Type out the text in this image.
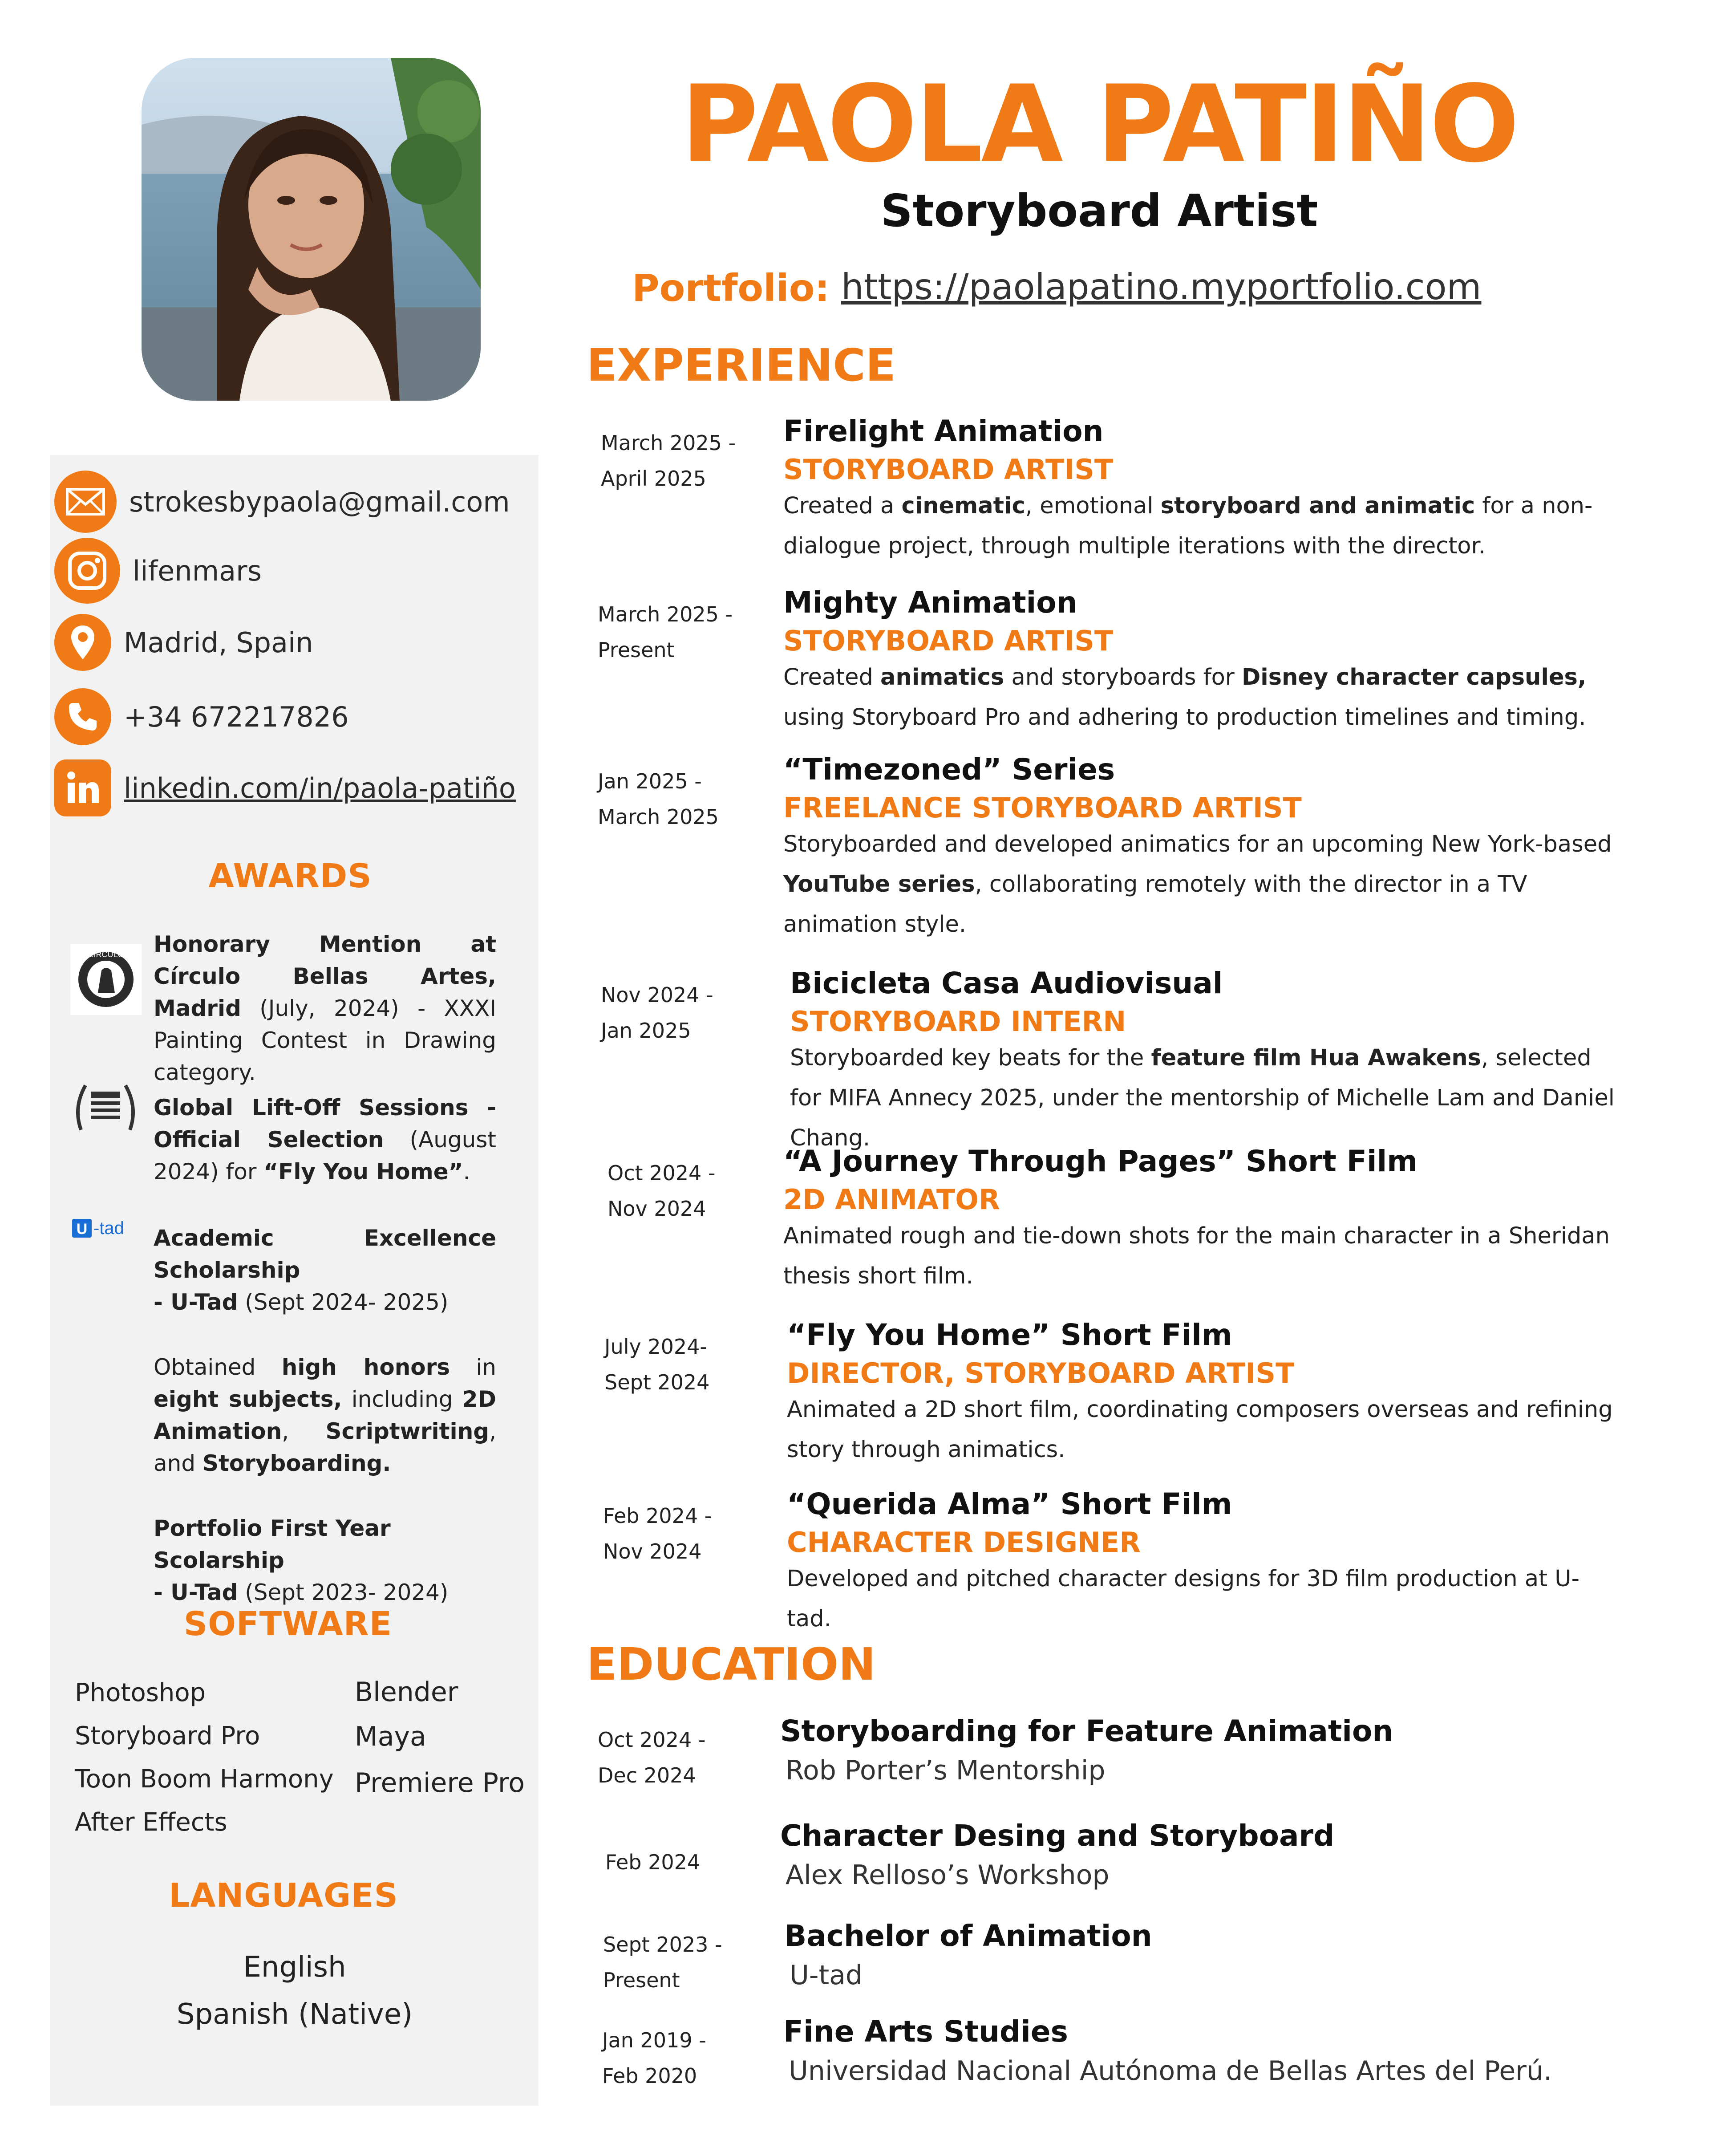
strokesbypaola@gmail.com
lifenmars
Madrid, Spain
+34 672217826
linkedin.com/in/paola-patiño
AWARDS
CÍRCULO
U -tad
Honorary Mention at Círculo Bellas Artes, Madrid (July, 2024) - XXXI Painting Contest in Drawing category.
Global Lift-Off Sessions - Official Selection (August 2024) for “Fly You Home”.
Academic Excellence Scholarship
- U-Tad (Sept 2024- 2025)
Obtained high honors in eight subjects, including 2D Animation, Scriptwriting, and Storyboarding.
Portfolio First Year Scolarship
- U-Tad (Sept 2023- 2024)
SOFTWARE
Photoshop
Storyboard Pro
Toon Boom Harmony
After Effects
Blender
Maya
Premiere Pro
LANGUAGES
English
Spanish (Native)
PAOLA PATIÑO
Storyboard Artist
Portfolio: https://paolapatino.myportfolio.com
EXPERIENCE
March 2025 -
April 2025
Firelight Animation
STORYBOARD ARTIST
Created a cinematic, emotional storyboard and animatic for a non-dialogue project, through multiple iterations with the director.
March 2025 -
Present
Mighty Animation
STORYBOARD ARTIST
Created animatics and storyboards for Disney character capsules, using Storyboard Pro and adhering to production timelines and timing.
Jan 2025 -
March 2025
“Timezoned” Series
FREELANCE STORYBOARD ARTIST
Storyboarded and developed animatics for an upcoming New York-based YouTube series, collaborating remotely with the director in a TV animation style.
Nov 2024 -
Jan 2025
Bicicleta Casa Audiovisual
STORYBOARD INTERN
Storyboarded key beats for the feature film Hua Awakens, selected for MIFA Annecy 2025, under the mentorship of Michelle Lam and Daniel Chang.
Oct 2024 -
Nov 2024
“A Journey Through Pages” Short Film
2D ANIMATOR
Animated rough and tie-down shots for the main character in a Sheridan thesis short film.
July 2024-
Sept 2024
“Fly You Home” Short Film
DIRECTOR, STORYBOARD ARTIST
Animated a 2D short film, coordinating composers overseas and refining story through animatics.
Feb 2024 -
Nov 2024
“Querida Alma” Short Film
CHARACTER DESIGNER
Developed and pitched character designs for 3D film production at U-tad.
EDUCATION
Oct 2024 -
Dec 2024
Storyboarding for Feature Animation
Rob Porter’s Mentorship
Feb 2024
Character Desing and Storyboard
Alex Relloso’s Workshop
Sept 2023 -
Present
Bachelor of Animation
U-tad
Jan 2019 -
Feb 2020
Fine Arts Studies
Universidad Nacional Autónoma de Bellas Artes del Perú.
